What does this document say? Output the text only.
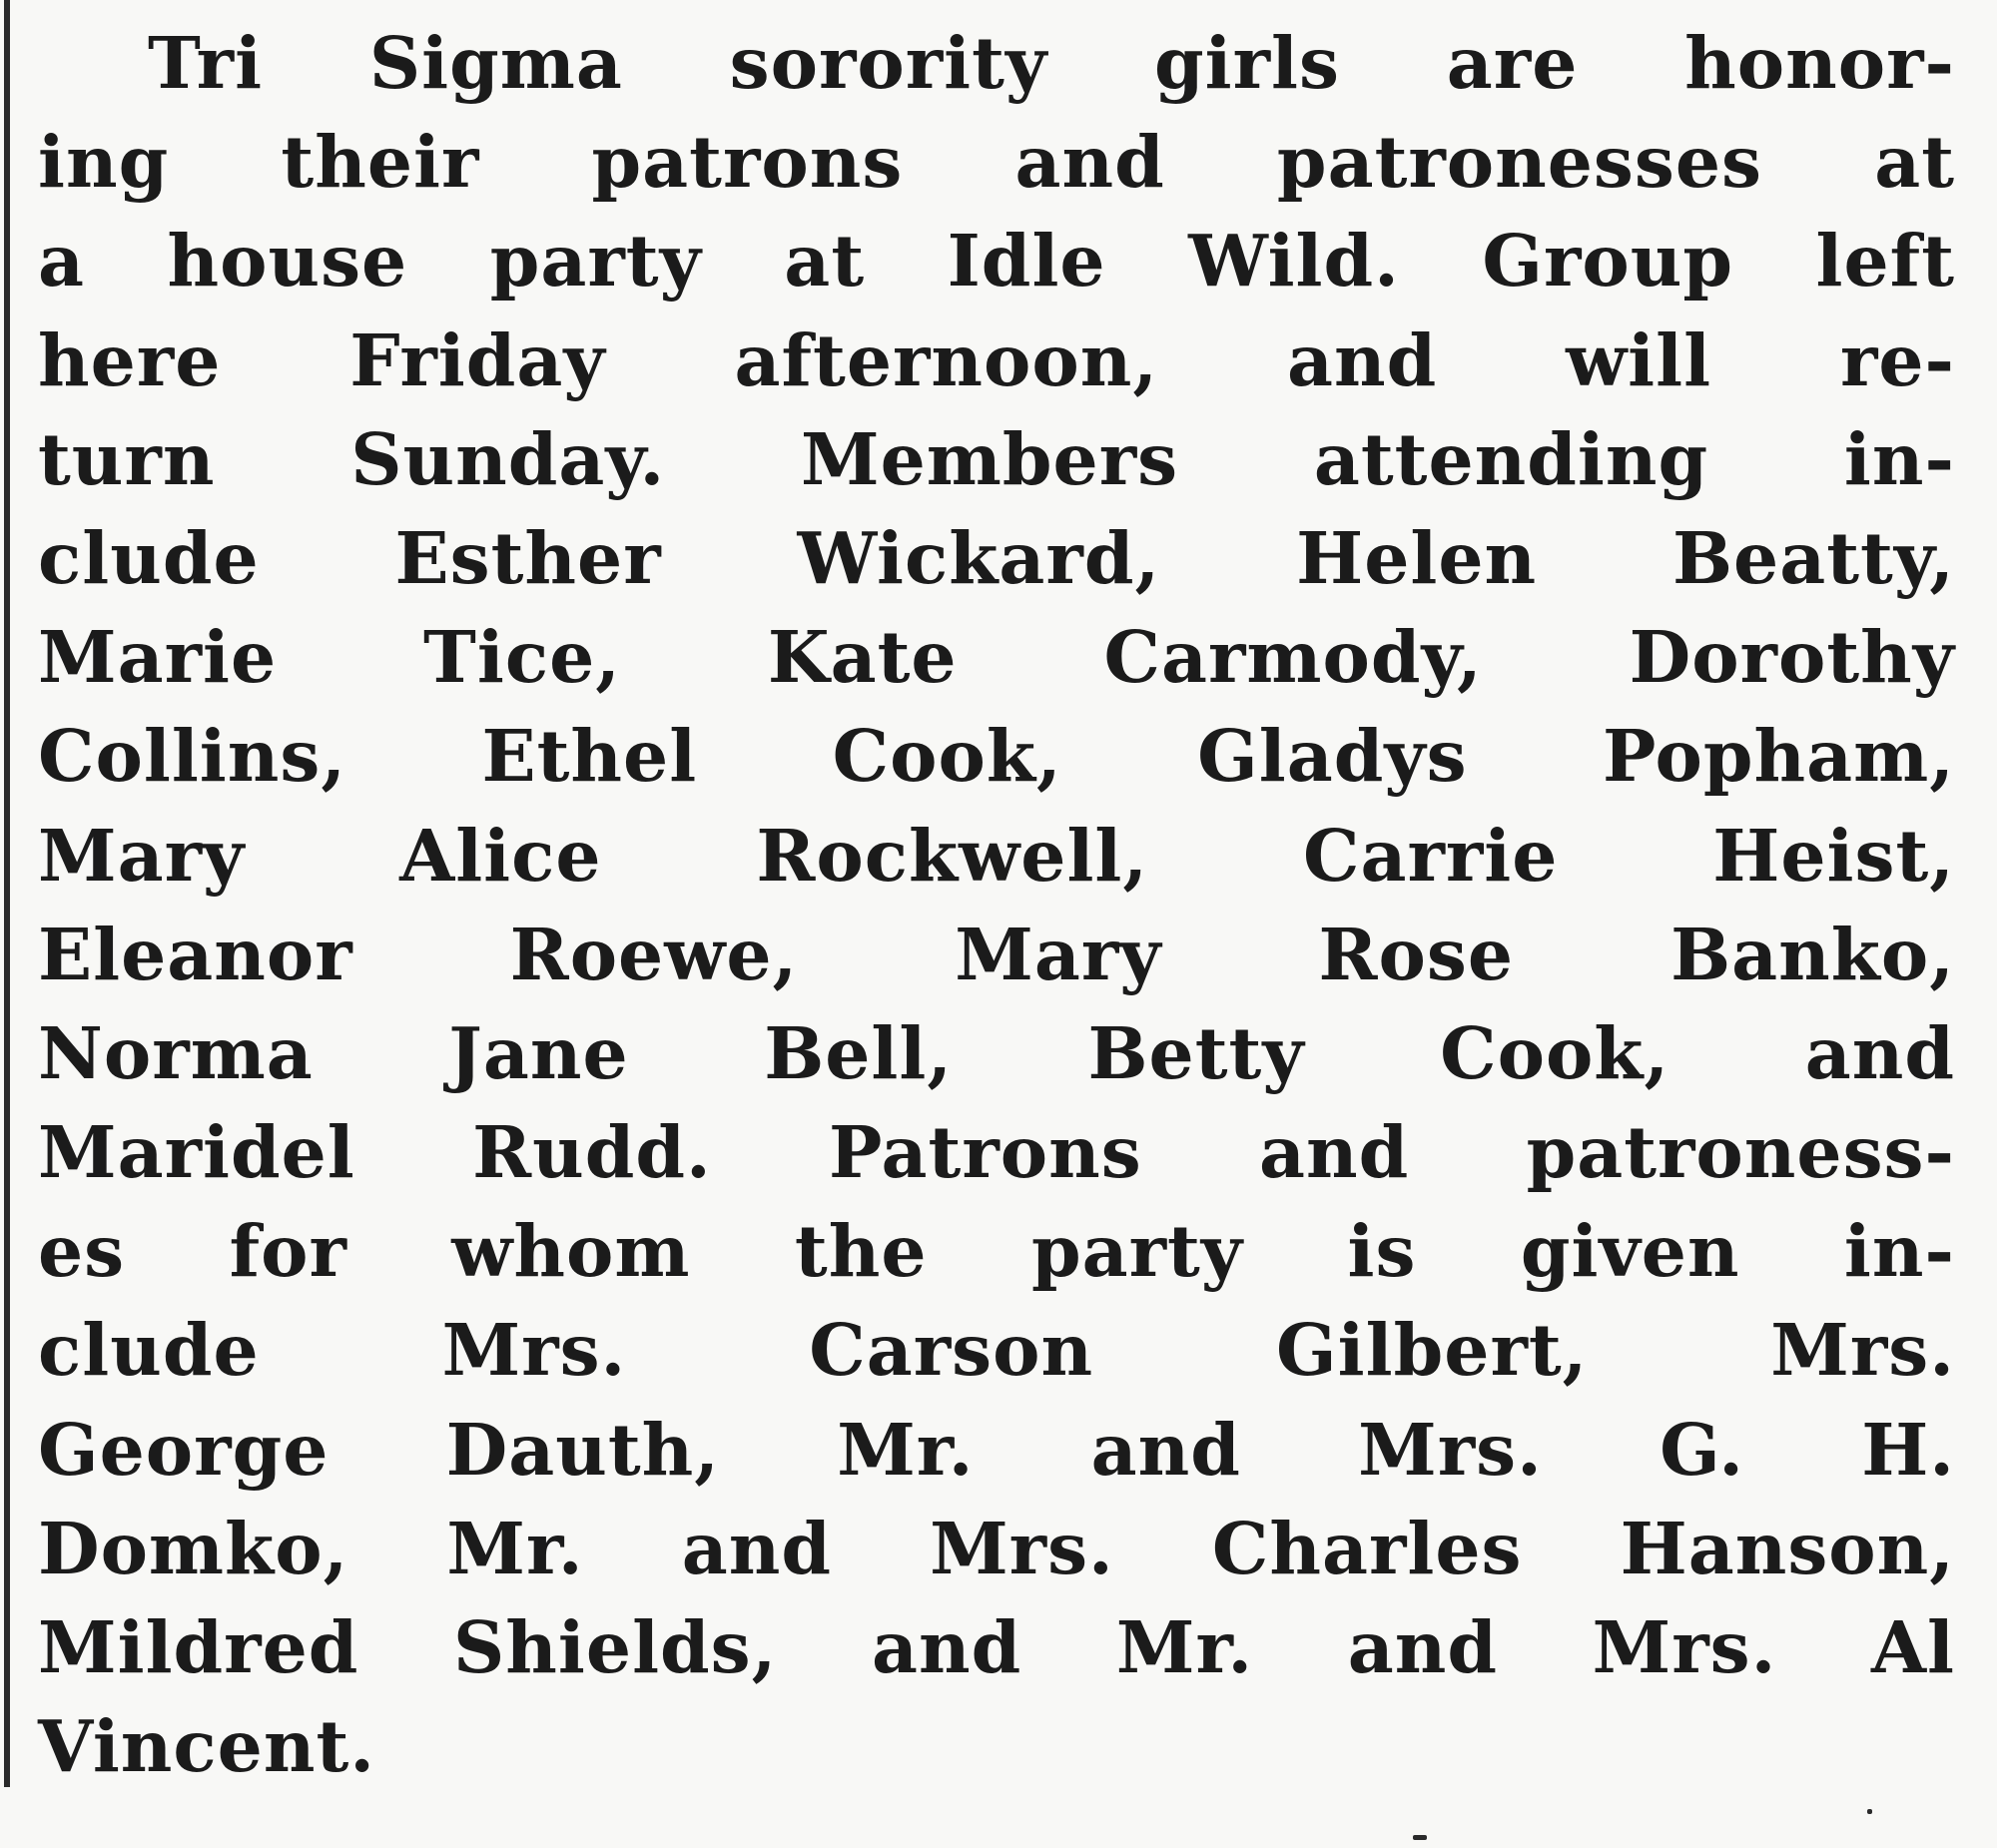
Tri Sigma sorority girls are honor-
ing their patrons and patronesses at
a house party at Idle Wild. Group left
here Friday afternoon, and will re-
turn Sunday. Members attending in-
clude Esther Wickard, Helen Beatty,
Marie Tice, Kate Carmody, Dorothy
Collins, Ethel Cook, Gladys Popham,
Mary Alice Rockwell, Carrie Heist,
Eleanor Roewe, Mary Rose Banko,
Norma Jane Bell, Betty Cook, and
Maridel Rudd. Patrons and patroness-
es for whom the party is given in-
clude Mrs. Carson Gilbert, Mrs.
George Dauth, Mr. and Mrs. G. H.
Domko, Mr. and Mrs. Charles Hanson,
Mildred Shields, and Mr. and Mrs. Al
Vincent.
